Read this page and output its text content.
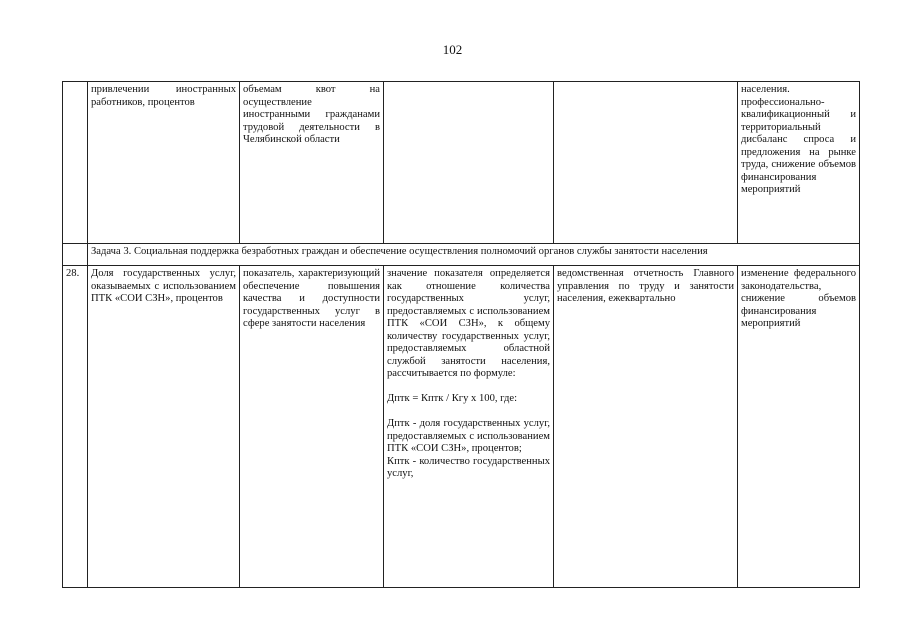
102
	привлечении иностранных работников, процентов	объемам квот на осуществление иностранными гражданами трудовой деятельности в Челябинской области			населения. профессионально-квалификационный и территориальный дисбаланс спроса и предложения на рынке труда, снижение объемов финансирования мероприятий
	Задача 3. Социальная поддержка безработных граждан и обеспечение осуществления полномочий органов службы занятости населения				
28.	Доля государственных услуг, оказываемых с использованием ПТК «СОИ СЗН», процентов	показатель, характеризующий обеспечение повышения качества и доступности государственных услуг в сфере занятости населения	значение показателя определяется как отношение количества государственных услуг, предоставляемых с использованием ПТК «СОИ СЗН», к общему количеству государственных услуг, предоставляемых областной службой занятости населения, рассчитывается по формуле:
Дптк = Кптк / Кгу x 100, где:
Дптк - доля государственных услуг, предоставляемых с использованием ПТК «СОИ СЗН», процентов;
Кптк - количество государственных услуг,	ведомственная отчетность Главного управления по труду и занятости населения, ежеквартально	изменение федерального законодательства, снижение объемов финансирования мероприятий
